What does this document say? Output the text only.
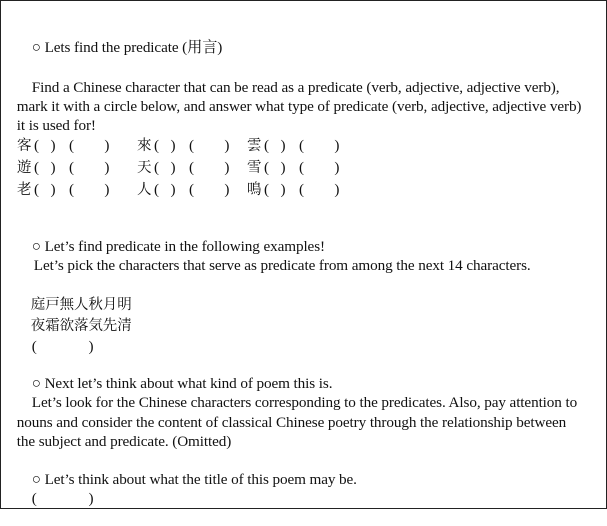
○ Lets find the predicate (用言)

Find a Chinese character that can be read as a predicate (verb, adjective, adjective verb),

mark it with a circle below, and answer what type of predicate (verb, adjective, adjective verb)

it is used for!

客

(   )

(        )

來

(   )

(        )

雲

(   )

(        )

遊

(   )

(        )

天

(   )

(        )

雪

(   )

(        )

老

(   )

(        )

人

(   )

(        )

鳴

(   )

(        )

○ Let’s find predicate in the following examples!

Let’s pick the characters that serve as predicate from among the next 14 characters.

庭戸無人秋月明

夜霜欲落気先清

(              )

○ Next let’s think about what kind of poem this is.

Let’s look for the Chinese characters corresponding to the predicates. Also, pay attention to

nouns and consider the content of classical Chinese poetry through the relationship between

the subject and predicate. (Omitted)

○ Let’s think about what the title of this poem may be.

(              )
